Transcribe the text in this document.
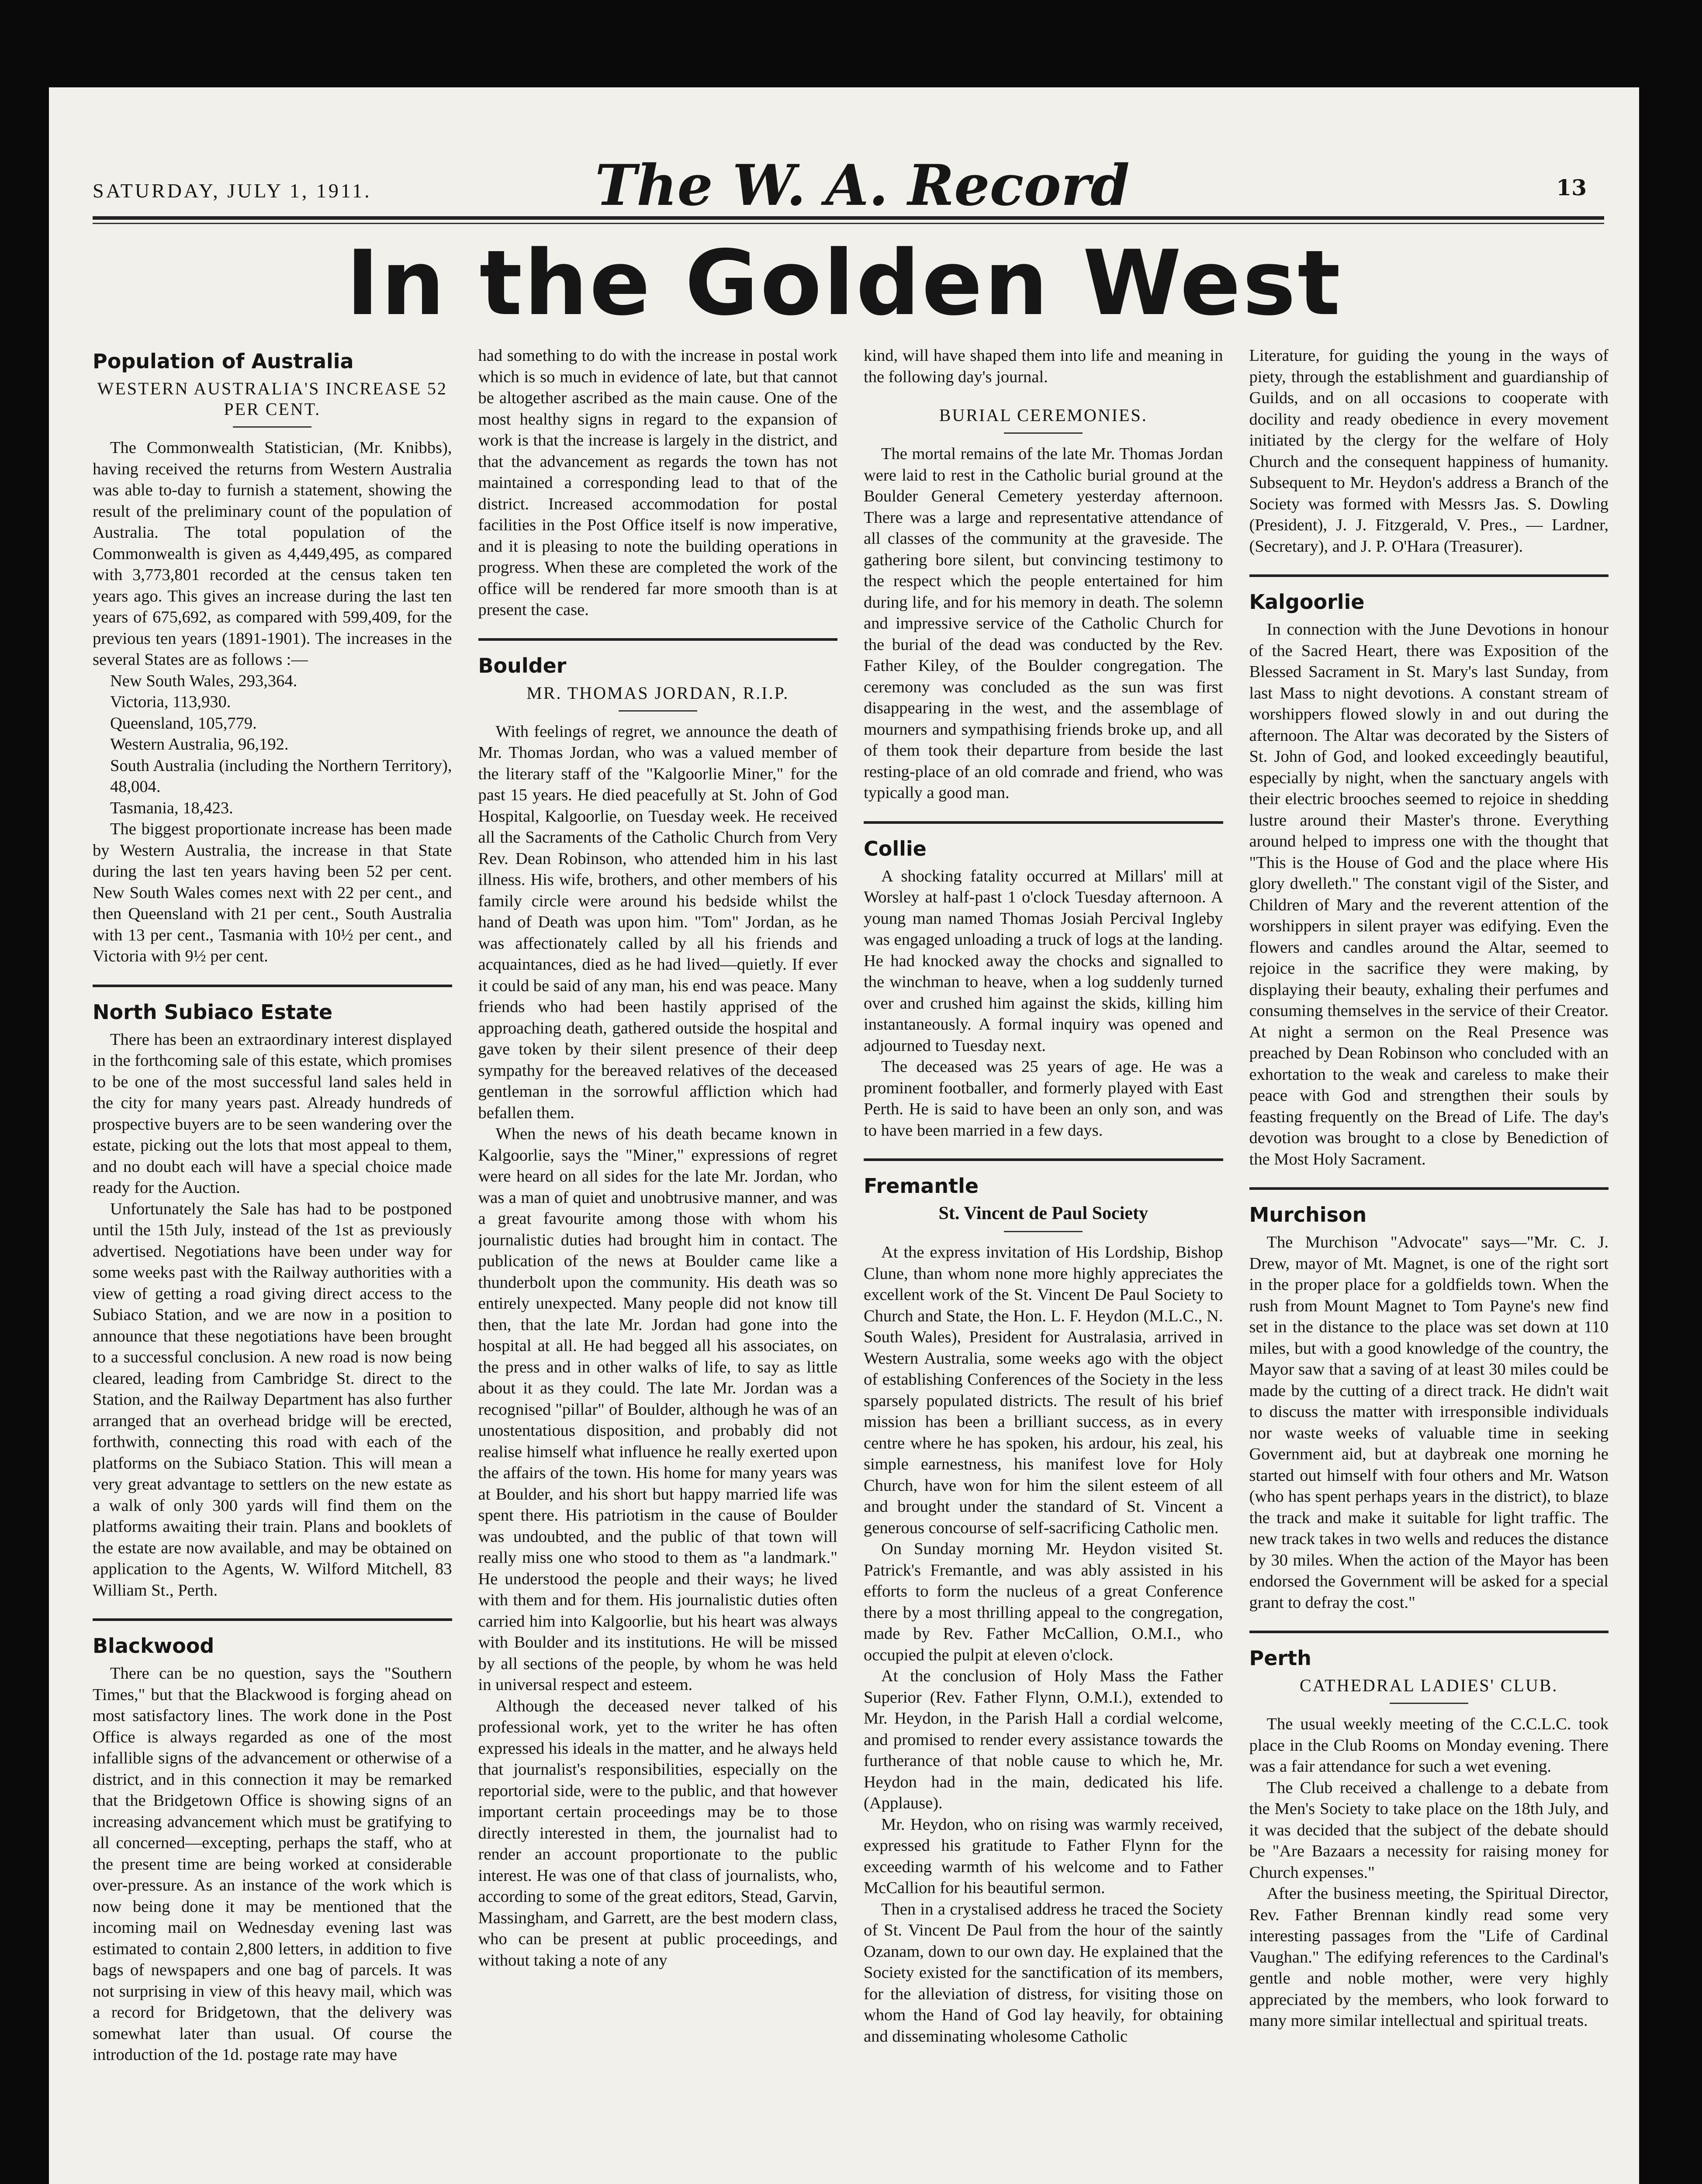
SATURDAY, JULY 1, 1911.	The W. A. Record	13
In the Golden West
Population of Australia
WESTERN AUSTRALIA'S INCREASE 52 PER CENT.

The Commonwealth Statistician, (Mr. Knibbs), having received the returns from Western Australia was able to-day to furnish a statement, showing the result of the preliminary count of the population of Australia. The total population of the Commonwealth is given as 4,449,495, as compared with 3,773,801 recorded at the census taken ten years ago. This gives an increase during the last ten years of 675,692, as compared with 599,409, for the previous ten years (1891-1901). The increases in the several States are as follows :—

New South Wales, 293,364.

Victoria, 113,930.

Queensland, 105,779.

Western Australia, 96,192.

South Australia (including the Northern Territory), 48,004.

Tasmania, 18,423.

The biggest proportionate increase has been made by Western Australia, the increase in that State during the last ten years having been 52 per cent. New South Wales comes next with 22 per cent., and then Queensland with 21 per cent., South Australia with 13 per cent., Tasmania with 10½ per cent., and Victoria with 9½ per cent.

North Subiaco Estate

There has been an extraordinary interest displayed in the forthcoming sale of this estate, which promises to be one of the most successful land sales held in the city for many years past. Already hundreds of prospective buyers are to be seen wandering over the estate, picking out the lots that most appeal to them, and no doubt each will have a special choice made ready for the Auction.

Unfortunately the Sale has had to be postponed until the 15th July, instead of the 1st as previously advertised. Negotiations have been under way for some weeks past with the Railway authorities with a view of getting a road giving direct access to the Subiaco Station, and we are now in a position to announce that these negotiations have been brought to a successful conclusion. A new road is now being cleared, leading from Cambridge St. direct to the Station, and the Railway Department has also further arranged that an overhead bridge will be erected, forthwith, connecting this road with each of the platforms on the Subiaco Station. This will mean a very great advantage to settlers on the new estate as a walk of only 300 yards will find them on the platforms awaiting their train. Plans and booklets of the estate are now available, and may be obtained on application to the Agents, W. Wilford Mitchell, 83 William St., Perth.

Blackwood

There can be no question, says the "Southern Times," but that the Blackwood is forging ahead on most satisfactory lines. The work done in the Post Office is always regarded as one of the most infallible signs of the advancement or otherwise of a district, and in this connection it may be remarked that the Bridgetown Office is showing signs of an increasing advancement which must be gratifying to all concerned—excepting, perhaps the staff, who at the present time are being worked at considerable over-pressure. As an instance of the work which is now being done it may be mentioned that the incoming mail on Wednesday evening last was estimated to contain 2,800 letters, in addition to five bags of newspapers and one bag of parcels. It was not surprising in view of this heavy mail, which was a record for Bridgetown, that the delivery was somewhat later than usual. Of course the introduction of the 1d. postage rate may have

had something to do with the increase in postal work which is so much in evidence of late, but that cannot be altogether ascribed as the main cause. One of the most healthy signs in regard to the expansion of work is that the increase is largely in the district, and that the advancement as regards the town has not maintained a corresponding lead to that of the district. Increased accommodation for postal facilities in the Post Office itself is now imperative, and it is pleasing to note the building operations in progress. When these are completed the work of the office will be rendered far more smooth than is at present the case.

Boulder
MR. THOMAS JORDAN, R.I.P.

With feelings of regret, we announce the death of Mr. Thomas Jordan, who was a valued member of the literary staff of the "Kalgoorlie Miner," for the past 15 years. He died peacefully at St. John of God Hospital, Kalgoorlie, on Tuesday week. He received all the Sacraments of the Catholic Church from Very Rev. Dean Robinson, who attended him in his last illness. His wife, brothers, and other members of his family circle were around his bedside whilst the hand of Death was upon him. "Tom" Jordan, as he was affectionately called by all his friends and acquaintances, died as he had lived—quietly. If ever it could be said of any man, his end was peace. Many friends who had been hastily apprised of the approaching death, gathered outside the hospital and gave token by their silent presence of their deep sympathy for the bereaved relatives of the deceased gentleman in the sorrowful affliction which had befallen them.

When the news of his death became known in Kalgoorlie, says the "Miner," expressions of regret were heard on all sides for the late Mr. Jordan, who was a man of quiet and unobtrusive manner, and was a great favourite among those with whom his journalistic duties had brought him in contact. The publication of the news at Boulder came like a thunderbolt upon the community. His death was so entirely unexpected. Many people did not know till then, that the late Mr. Jordan had gone into the hospital at all. He had begged all his associates, on the press and in other walks of life, to say as little about it as they could. The late Mr. Jordan was a recognised "pillar" of Boulder, although he was of an unostentatious disposition, and probably did not realise himself what influence he really exerted upon the affairs of the town. His home for many years was at Boulder, and his short but happy married life was spent there. His patriotism in the cause of Boulder was undoubted, and the public of that town will really miss one who stood to them as "a landmark." He understood the people and their ways; he lived with them and for them. His journalistic duties often carried him into Kalgoorlie, but his heart was always with Boulder and its institutions. He will be missed by all sections of the people, by whom he was held in universal respect and esteem.

Although the deceased never talked of his professional work, yet to the writer he has often expressed his ideals in the matter, and he always held that journalist's responsibilities, especially on the reportorial side, were to the public, and that however important certain proceedings may be to those directly interested in them, the journalist had to render an account proportionate to the public interest. He was one of that class of journalists, who, according to some of the great editors, Stead, Garvin, Massingham, and Garrett, are the best modern class, who can be present at public proceedings, and without taking a note of any

kind, will have shaped them into life and meaning in the following day's journal.

BURIAL CEREMONIES.

The mortal remains of the late Mr. Thomas Jordan were laid to rest in the Catholic burial ground at the Boulder General Cemetery yesterday afternoon. There was a large and representative attendance of all classes of the community at the graveside. The gathering bore silent, but convincing testimony to the respect which the people entertained for him during life, and for his memory in death. The solemn and impressive service of the Catholic Church for the burial of the dead was conducted by the Rev. Father Kiley, of the Boulder congregation. The ceremony was concluded as the sun was first disappearing in the west, and the assemblage of mourners and sympathising friends broke up, and all of them took their departure from beside the last resting-place of an old comrade and friend, who was typically a good man.

Collie

A shocking fatality occurred at Millars' mill at Worsley at half-past 1 o'clock Tuesday afternoon. A young man named Thomas Josiah Percival Ingleby was engaged unloading a truck of logs at the landing. He had knocked away the chocks and signalled to the winchman to heave, when a log suddenly turned over and crushed him against the skids, killing him instantaneously. A formal inquiry was opened and adjourned to Tuesday next.

The deceased was 25 years of age. He was a prominent footballer, and formerly played with East Perth. He is said to have been an only son, and was to have been married in a few days.

Fremantle
St. Vincent de Paul Society

At the express invitation of His Lordship, Bishop Clune, than whom none more highly appreciates the excellent work of the St. Vincent De Paul Society to Church and State, the Hon. L. F. Heydon (M.L.C., N. South Wales), President for Australasia, arrived in Western Australia, some weeks ago with the object of establishing Conferences of the Society in the less sparsely populated districts. The result of his brief mission has been a brilliant success, as in every centre where he has spoken, his ardour, his zeal, his simple earnestness, his manifest love for Holy Church, have won for him the silent esteem of all and brought under the standard of St. Vincent a generous concourse of self-sacrificing Catholic men.

On Sunday morning Mr. Heydon visited St. Patrick's Fremantle, and was ably assisted in his efforts to form the nucleus of a great Conference there by a most thrilling appeal to the congregation, made by Rev. Father McCallion, O.M.I., who occupied the pulpit at eleven o'clock.

At the conclusion of Holy Mass the Father Superior (Rev. Father Flynn, O.M.I.), extended to Mr. Heydon, in the Parish Hall a cordial welcome, and promised to render every assistance towards the furtherance of that noble cause to which he, Mr. Heydon had in the main, dedicated his life. (Applause).

Mr. Heydon, who on rising was warmly received, expressed his gratitude to Father Flynn for the exceeding warmth of his welcome and to Father McCallion for his beautiful sermon.

Then in a crystalised address he traced the Society of St. Vincent De Paul from the hour of the saintly Ozanam, down to our own day. He explained that the Society existed for the sanctification of its members, for the alleviation of distress, for visiting those on whom the Hand of God lay heavily, for obtaining and disseminating wholesome Catholic

Literature, for guiding the young in the ways of piety, through the establishment and guardianship of Guilds, and on all occasions to cooperate with docility and ready obedience in every movement initiated by the clergy for the welfare of Holy Church and the consequent happiness of humanity. Subsequent to Mr. Heydon's address a Branch of the Society was formed with Messrs Jas. S. Dowling (President), J. J. Fitzgerald, V. Pres., — Lardner, (Secretary), and J. P. O'Hara (Treasurer).

Kalgoorlie

In connection with the June Devotions in honour of the Sacred Heart, there was Exposition of the Blessed Sacrament in St. Mary's last Sunday, from last Mass to night devotions. A constant stream of worshippers flowed slowly in and out during the afternoon. The Altar was decorated by the Sisters of St. John of God, and looked exceedingly beautiful, especially by night, when the sanctuary angels with their electric brooches seemed to rejoice in shedding lustre around their Master's throne. Everything around helped to impress one with the thought that "This is the House of God and the place where His glory dwelleth." The constant vigil of the Sister, and Children of Mary and the reverent attention of the worshippers in silent prayer was edifying. Even the flowers and candles around the Altar, seemed to rejoice in the sacrifice they were making, by displaying their beauty, exhaling their perfumes and consuming themselves in the service of their Creator. At night a sermon on the Real Presence was preached by Dean Robinson who concluded with an exhortation to the weak and careless to make their peace with God and strengthen their souls by feasting frequently on the Bread of Life. The day's devotion was brought to a close by Benediction of the Most Holy Sacrament.

Murchison

The Murchison "Advocate" says—"Mr. C. J. Drew, mayor of Mt. Magnet, is one of the right sort in the proper place for a goldfields town. When the rush from Mount Magnet to Tom Payne's new find set in the distance to the place was set down at 110 miles, but with a good knowledge of the country, the Mayor saw that a saving of at least 30 miles could be made by the cutting of a direct track. He didn't wait to discuss the matter with irresponsible individuals nor waste weeks of valuable time in seeking Government aid, but at daybreak one morning he started out himself with four others and Mr. Watson (who has spent perhaps years in the district), to blaze the track and make it suitable for light traffic. The new track takes in two wells and reduces the distance by 30 miles. When the action of the Mayor has been endorsed the Government will be asked for a special grant to defray the cost."

Perth
CATHEDRAL LADIES' CLUB.

The usual weekly meeting of the C.C.L.C. took place in the Club Rooms on Monday evening. There was a fair attendance for such a wet evening.

The Club received a challenge to a debate from the Men's Society to take place on the 18th July, and it was decided that the subject of the debate should be "Are Bazaars a necessity for raising money for Church expenses."

After the business meeting, the Spiritual Director, Rev. Father Brennan kindly read some very interesting passages from the "Life of Cardinal Vaughan." The edifying references to the Cardinal's gentle and noble mother, were very highly appreciated by the members, who look forward to many more similar intellectual and spiritual treats.
